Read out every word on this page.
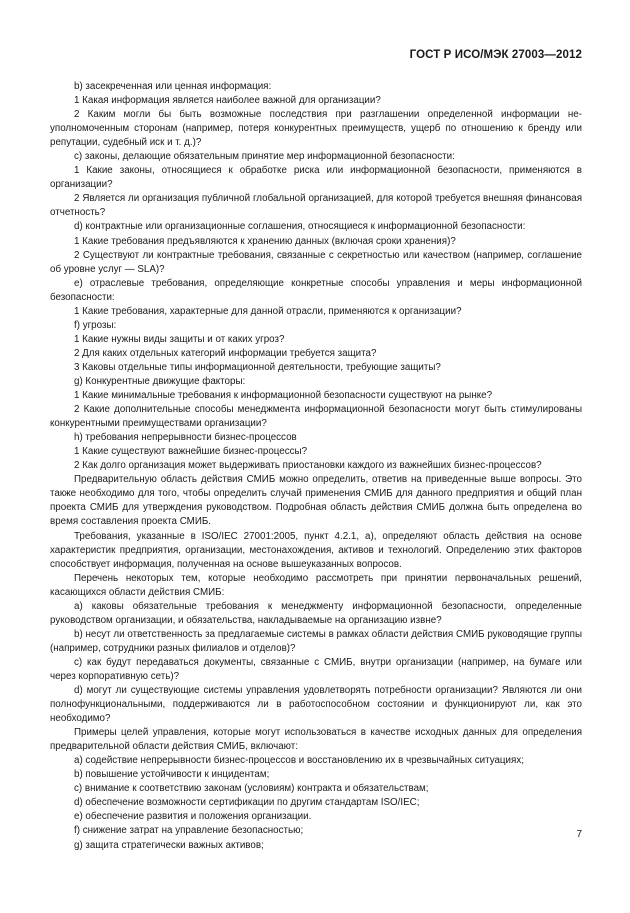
ГОСТ Р ИСО/МЭК 27003—2012

b) засекреченная или ценная информация:

1 Какая информация является наиболее важной для организации?

2 Каким могли бы быть возможные последствия при разглашении определенной информации неуполномоченным сторонам (например, потеря конкурентных преимуществ, ущерб по отношению к бренду или репутации, судебный иск и т. д.)?

c) законы, делающие обязательным принятие мер информационной безопасности:

1 Какие законы, относящиеся к обработке риска или информационной безопасности, применяются в организации?

2 Является ли организация публичной глобальной организацией, для которой требуется внешняя финансовая отчетность?

d) контрактные или организационные соглашения, относящиеся к информационной безопасности:

1 Какие требования предъявляются к хранению данных (включая сроки хранения)?

2 Существуют ли контрактные требования, связанные с секретностью или качеством (например, соглашение об уровне услуг — SLA)?

e) отраслевые требования, определяющие конкретные способы управления и меры информационной безопасности:

1 Какие требования, характерные для данной отрасли, применяются к организации?

f) угрозы:

1 Какие нужны виды защиты и от каких угроз?

2 Для каких отдельных категорий информации требуется защита?

3 Каковы отдельные типы информационной деятельности, требующие защиты?

g) Конкурентные движущие факторы:

1 Какие минимальные требования к информационной безопасности существуют на рынке?

2 Какие дополнительные способы менеджмента информационной безопасности могут быть стимулированы конкурентными преимуществами организации?

h) требования непрерывности бизнес-процессов

1 Какие существуют важнейшие бизнес-процессы?

2 Как долго организация может выдерживать приостановки каждого из важнейших бизнес-процессов?

Предварительную область действия СМИБ можно определить, ответив на приведенные выше вопросы. Это также необходимо для того, чтобы определить случай применения СМИБ для данного предприятия и общий план проекта СМИБ для утверждения руководством. Подробная область действия СМИБ должна быть определена во время составления проекта СМИБ.

Требования, указанные в ISO/IEC 27001:2005, пункт 4.2.1, а), определяют область действия на основе характеристик предприятия, организации, местонахождения, активов и технологий. Определению этих факторов способствует информация, полученная на основе вышеуказанных вопросов.

Перечень некоторых тем, которые необходимо рассмотреть при принятии первоначальных решений, касающихся области действия СМИБ:

a) каковы обязательные требования к менеджменту информационной безопасности, определенные руководством организации, и обязательства, накладываемые на организацию извне?

b) несут ли ответственность за предлагаемые системы в рамках области действия СМИБ руководящие группы (например, сотрудники разных филиалов и отделов)?

c) как будут передаваться документы, связанные с СМИБ, внутри организации (например, на бумаге или через корпоративную сеть)?

d) могут ли существующие системы управления удовлетворять потребности организации? Являются ли они полнофункциональными, поддерживаются ли в работоспособном состоянии и функционируют ли, как это необходимо?

Примеры целей управления, которые могут использоваться в качестве исходных данных для определения предварительной области действия СМИБ, включают:

a) содействие непрерывности бизнес-процессов и восстановлению их в чрезвычайных ситуациях;

b) повышение устойчивости к инцидентам;

c) внимание к соответствию законам (условиям) контракта и обязательствам;

d) обеспечение возможности сертификации по другим стандартам ISO/IEC;

e) обеспечение развития и положения организации.

f) снижение затрат на управление безопасностью;

g) защита стратегически важных активов;

7
